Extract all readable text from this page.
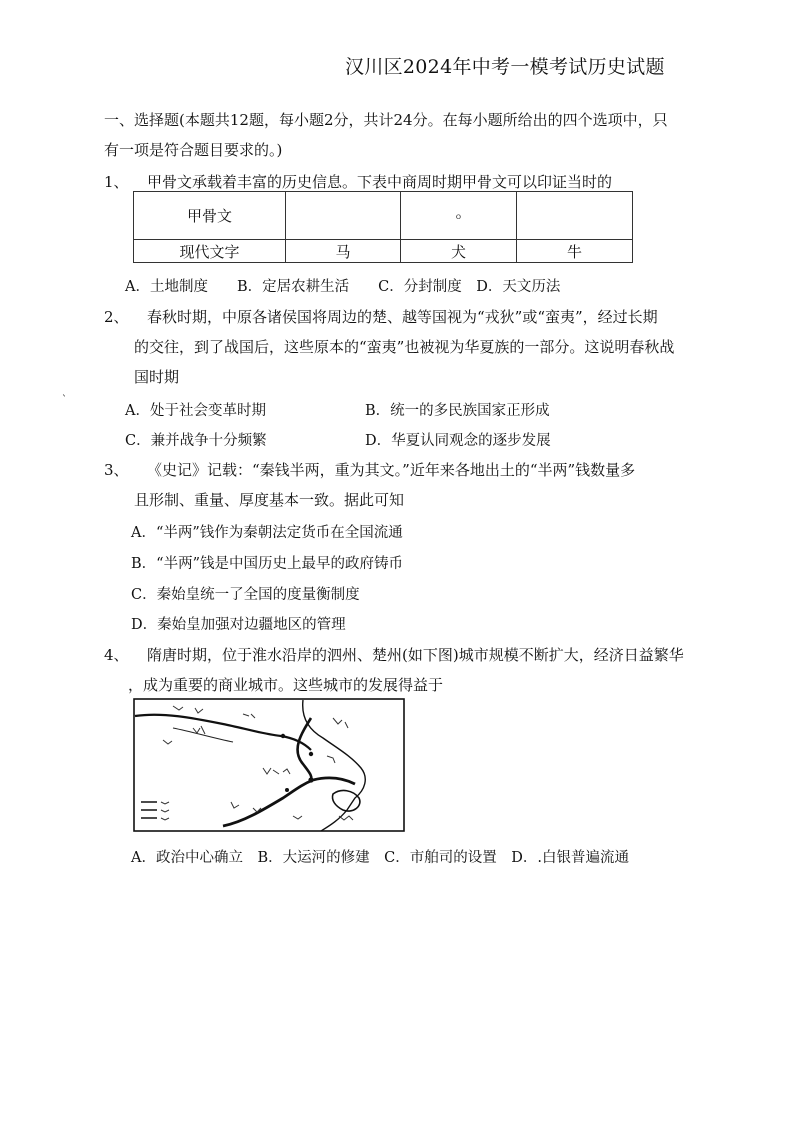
汉川区2024年中考一模考试历史试题
一、选择题(本题共12题，每小题2分，共计24分。在每小题所给出的四个选项中，只
有一项是符合题目要求的。)
1、 甲骨文承载着丰富的历史信息。下表中商周时期甲骨文可以印证当时的
甲骨文		ჿ	
现代文字	马	犬	牛
A．土地制度　　B．定居农耕生活　　C．分封制度　D．天文历法
2、 春秋时期，中原各诸侯国将周边的楚、越等国视为“戎狄”或“蛮夷”，经过长期
的交往，到了战国后，这些原本的“蛮夷”也被视为华夏族的一部分。这说明春秋战
国时期
`
A．处于社会变革时期	B．统一的多民族国家正形成
C．兼并战争十分频繁	D．华夏认同观念的逐步发展
3、 《史记》记载：“秦钱半两，重为其文。”近年来各地出土的“半两”钱数量多
且形制、重量、厚度基本一致。据此可知
A．“半两”钱作为秦朝法定货币在全国流通
B．“半两”钱是中国历史上最早的政府铸币
C．秦始皇统一了全国的度量衡制度
D．秦始皇加强对边疆地区的管理
4、 隋唐时期，位于淮水沿岸的泗州、楚州(如下图)城市规模不断扩大，经济日益繁华
，成为重要的商业城市。这些城市的发展得益于
A．政治中心确立　B．大运河的修建　C．市舶司的设置　D．.白银普遍流通
